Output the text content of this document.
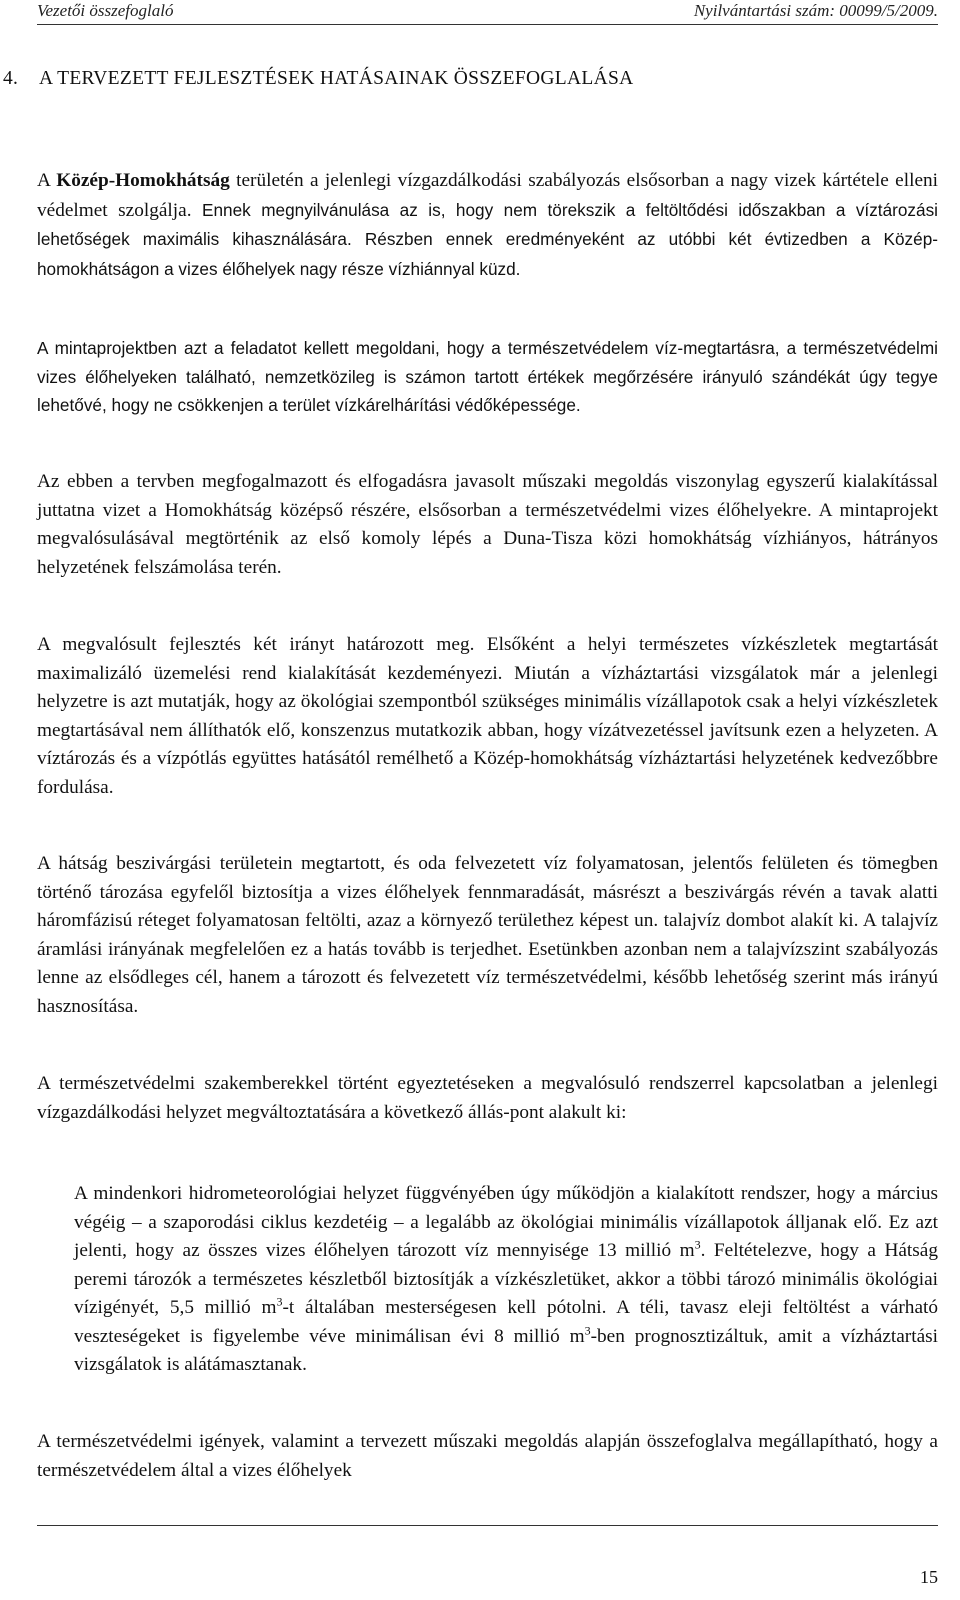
Vezetői összefoglaló	Nyilvántartási szám: 00099/5/2009.
4. A TERVEZETT FEJLESZTÉSEK HATÁSAINAK ÖSSZEFOGLALÁSA

A Közép-Homokhátság területén a jelenlegi vízgazdálkodási szabályozás elsősorban a nagy vizek kártétele elleni védelmet szolgálja. Ennek megnyilvánulása az is, hogy nem törekszik a feltöltődési időszakban a víztározási lehetőségek maximális kihasználására. Részben ennek eredményeként az utóbbi két évtizedben a Közép-homokhátságon a vizes élőhelyek nagy része vízhiánnyal küzd.

A mintaprojektben azt a feladatot kellett megoldani, hogy a természetvédelem víz-megtartásra, a természetvédelmi vizes élőhelyeken található, nemzetközileg is számon tartott értékek megőrzésére irányuló szándékát úgy tegye lehetővé, hogy ne csökkenjen a terület vízkárelhárítási védőképessége.

Az ebben a tervben megfogalmazott és elfogadásra javasolt műszaki megoldás viszonylag egyszerű kialakítással juttatna vizet a Homokhátság középső részére, elsősorban a természetvédelmi vizes élőhelyekre. A mintaprojekt megvalósulásával megtörténik az első komoly lépés a Duna-Tisza közi homokhátság vízhiányos, hátrányos helyzetének felszámolása terén.

A megvalósult fejlesztés két irányt határozott meg. Elsőként a helyi természetes vízkészletek megtartását maximalizáló üzemelési rend kialakítását kezdeményezi. Miután a vízháztartási vizsgálatok már a jelenlegi helyzetre is azt mutatják, hogy az ökológiai szempontból szükséges minimális vízállapotok csak a helyi vízkészletek megtartásával nem állíthatók elő, konszenzus mutatkozik abban, hogy vízátvezetéssel javítsunk ezen a helyzeten. A víztározás és a vízpótlás együttes hatásától remélhető a Közép-homokhátság vízháztartási helyzetének kedvezőbbre fordulása.

A hátság beszivárgási területein megtartott, és oda felvezetett víz folyamatosan, jelentős felületen és tömegben történő tározása egyfelől biztosítja a vizes élőhelyek fennmaradását, másrészt a beszivárgás révén a tavak alatti háromfázisú réteget folyamatosan feltölti, azaz a környező területhez képest un. talajvíz dombot alakít ki. A talajvíz áramlási irányának megfelelően ez a hatás tovább is terjedhet. Esetünkben azonban nem a talajvízszint szabályozás lenne az elsődleges cél, hanem a tározott és felvezetett víz természetvédelmi, később lehetőség szerint más irányú hasznosítása.

A természetvédelmi szakemberekkel történt egyeztetéseken a megvalósuló rendszerrel kapcsolatban a jelenlegi vízgazdálkodási helyzet megváltoztatására a következő állás-pont alakult ki:

A mindenkori hidrometeorológiai helyzet függvényében úgy működjön a kialakított rendszer, hogy a március végéig – a szaporodási ciklus kezdetéig – a legalább az ökológiai minimális vízállapotok álljanak elő. Ez azt jelenti, hogy az összes vizes élőhelyen tározott víz mennyisége 13 millió $m^3$. Feltételezve, hogy a Hátság peremi tározók a természetes készletből biztosítják a vízkészletüket, akkor a többi tározó minimális ökológiai vízigényét, 5,5 millió $m^3-t$ általában mesterségesen kell pótolni. A téli, tavasz eleji feltöltést a várható veszteségeket is figyelembe véve minimálisan évi 8 millió $m^3$-ben prognosztizáltuk, amit a vízháztartási vizsgálatok is alátámasztanak.

A természetvédelmi igények, valamint a tervezett műszaki megoldás alapján összefoglalva megállapítható, hogy a természetvédelem által a vizes élőhelyek

15
